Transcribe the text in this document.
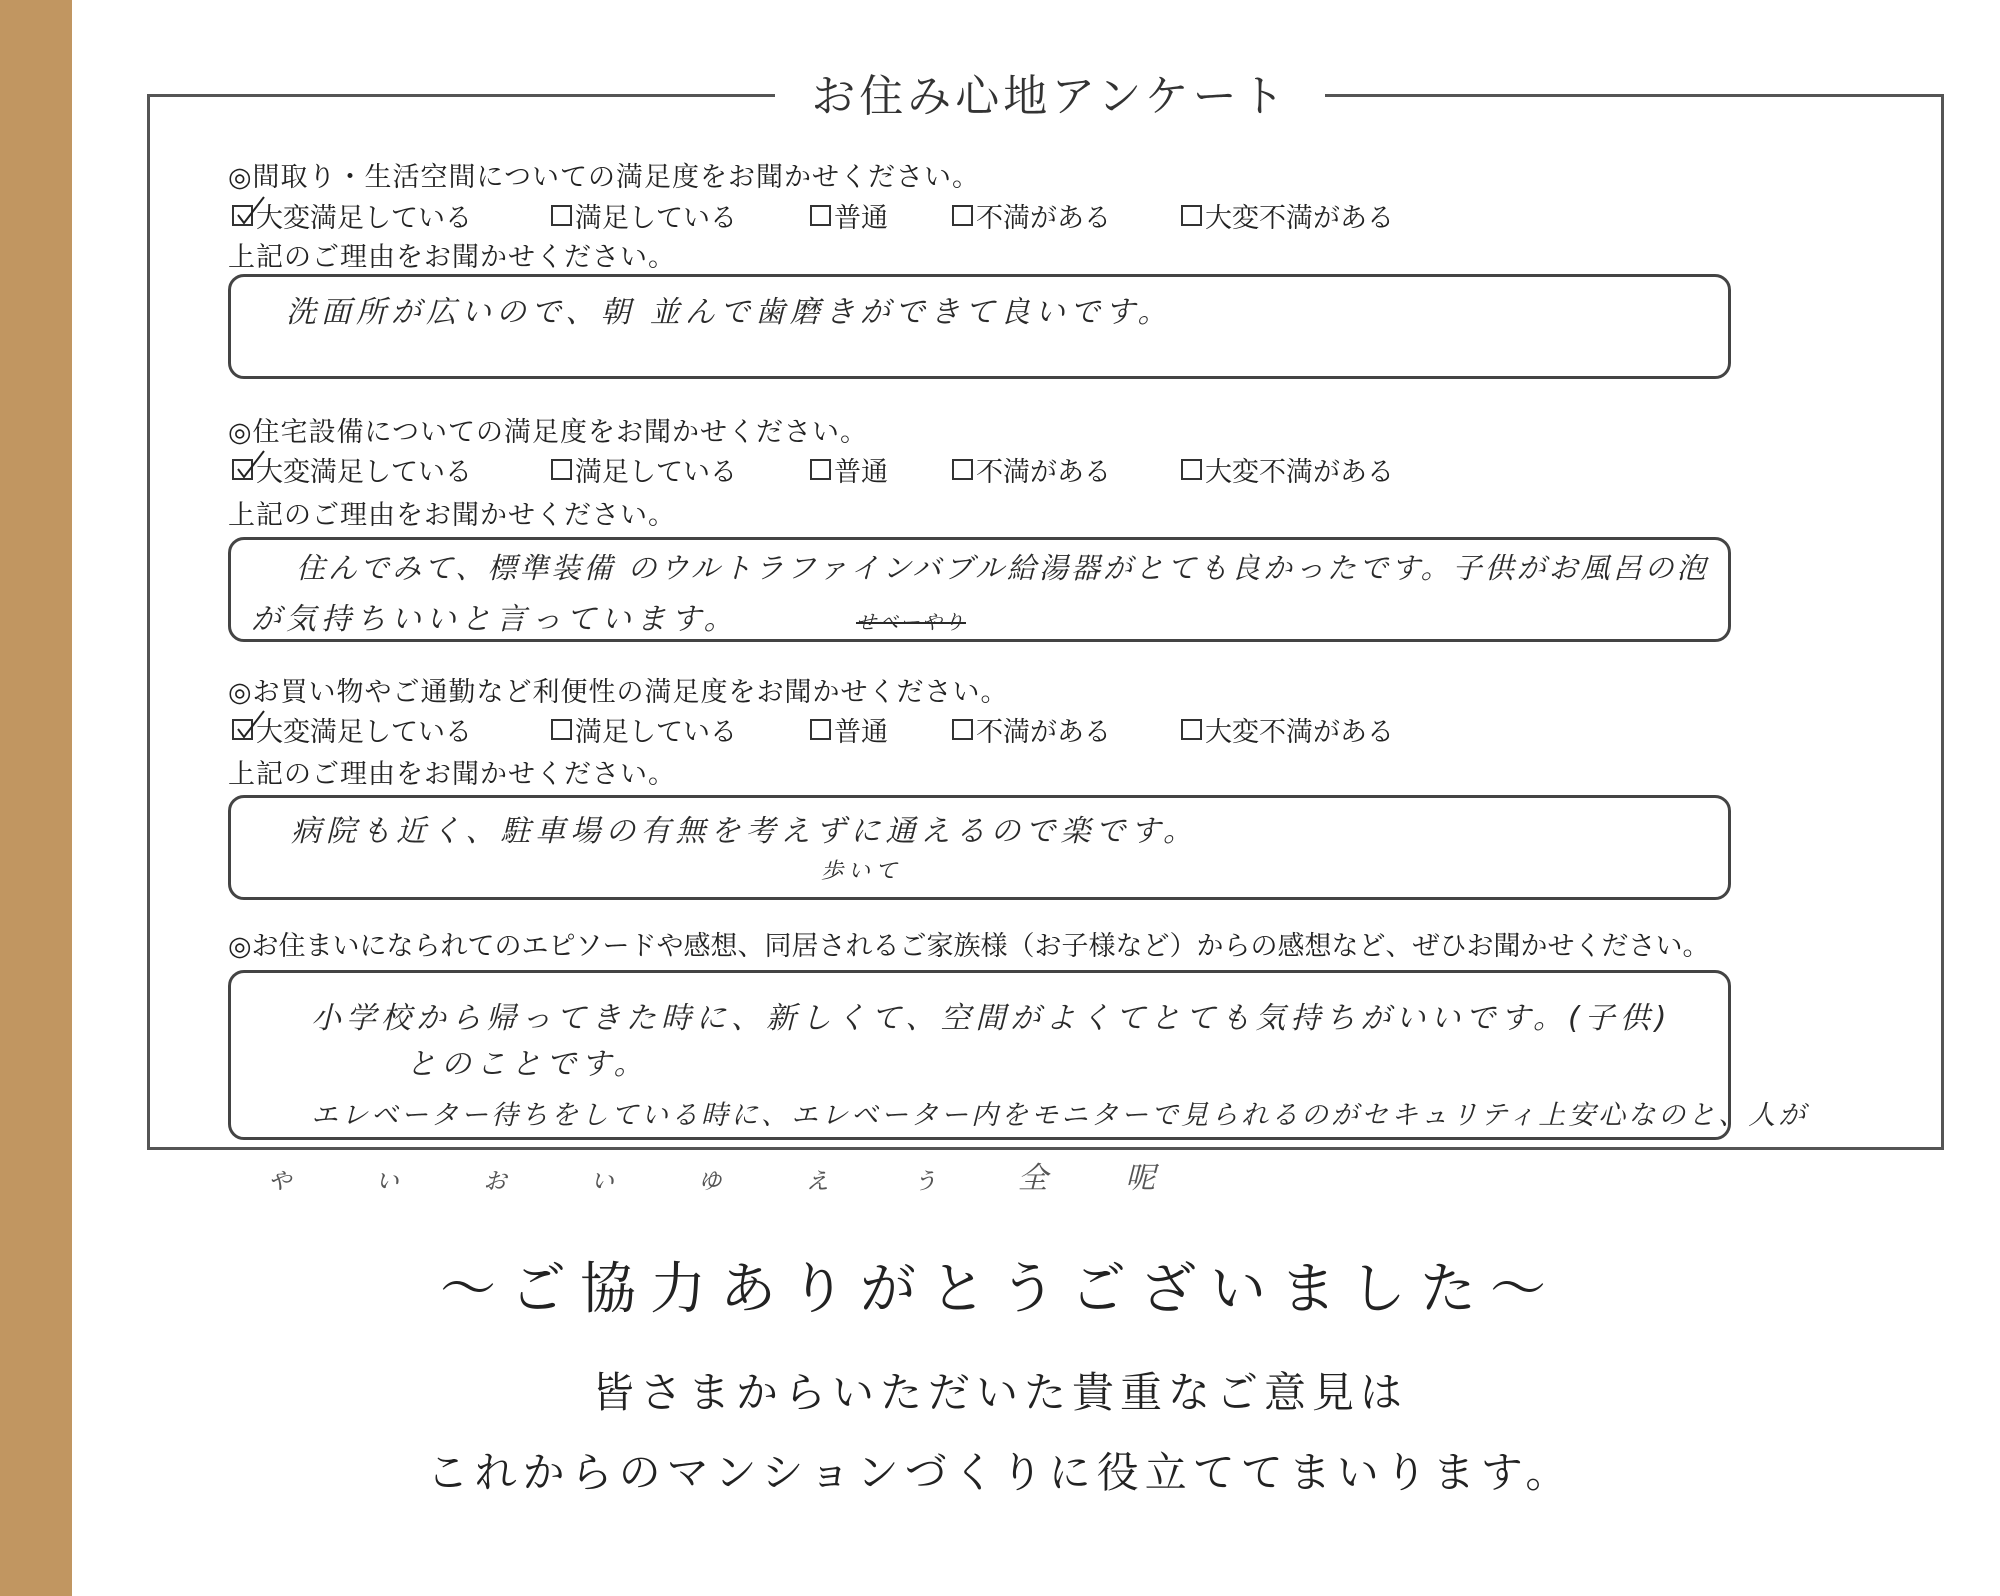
お住み心地アンケート
◎間取り・生活空間についての満足度をお聞かせください。
大変満足している	満足している	普通	不満がある	大変不満がある
上記のご理由をお聞かせください。
洗面所が広いので、朝 並んで歯磨きができて良いです。
◎住宅設備についての満足度をお聞かせください。
大変満足している	満足している	普通	不満がある	大変不満がある
上記のご理由をお聞かせください。
住んでみて、標準装備 のウルトラファインバブル給湯器がとても良かったです。子供がお風呂の泡
が気持ちいいと言っています。	せべーやり
◎お買い物やご通勤など利便性の満足度をお聞かせください。
大変満足している	満足している	普通	不満がある	大変不満がある
上記のご理由をお聞かせください。
病院も近く、駐車場の有無を考えずに通えるので楽です。
歩いて
◎お住まいになられてのエピソードや感想、同居されるご家族様（お子様など）からの感想など、ぜひお聞かせください。
小学校から帰ってきた時に、新しくて、空間がよくてとても気持ちがいいです。(子供)
とのことです。
エレベーター待ちをしている時に、エレベーター内をモニターで見られるのがセキュリティ上安心なのと、人が
ゃ ぃ ぉ ぃ ゅ ぇ ぅ 全 呢
〜ご協力ありがとうございました〜
皆さまからいただいた貴重なご意見は
これからのマンションづくりに役立ててまいります。
